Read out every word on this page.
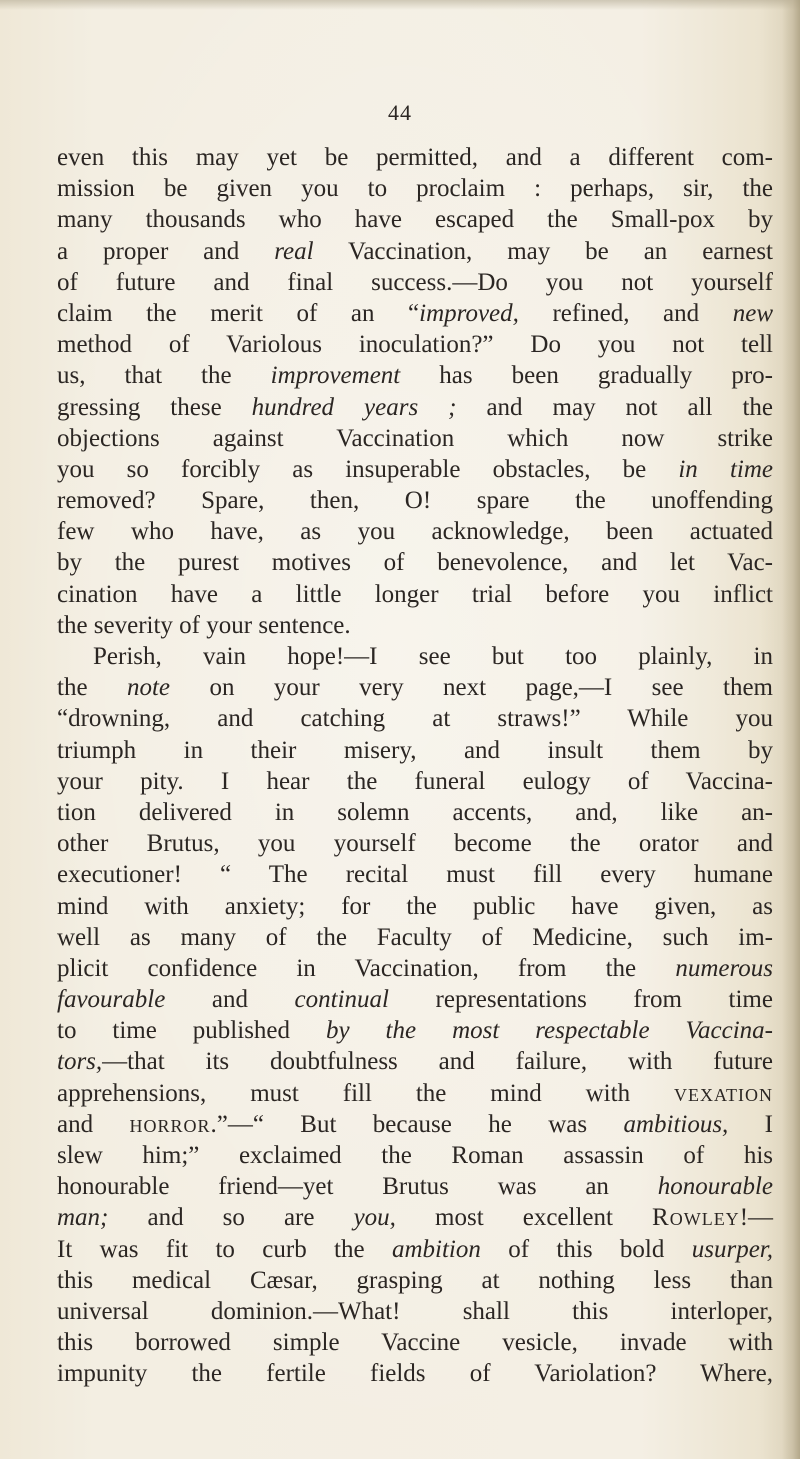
44
even this may yet be permitted, and a different com-
mission be given you to proclaim : perhaps, sir, the
many thousands who have escaped the Small-pox by
a proper and real Vaccination, may be an earnest
of future and final success.—Do you not yourself
claim the merit of an “improved, refined, and new
method of Variolous inoculation?” Do you not tell
us, that the improvement has been gradually pro-
gressing these hundred years ; and may not all the
objections against Vaccination which now strike
you so forcibly as insuperable obstacles, be in time
removed? Spare, then, O! spare the unoffending
few who have, as you acknowledge, been actuated
by the purest motives of benevolence, and let Vac-
cination have a little longer trial before you inflict
the severity of your sentence.
Perish, vain hope!—I see but too plainly, in
the note on your very next page,—I see them
“drowning, and catching at straws!” While you
triumph in their misery, and insult them by
your pity. I hear the funeral eulogy of Vaccina-
tion delivered in solemn accents, and, like an-
other Brutus, you yourself become the orator and
executioner! “ The recital must fill every humane
mind with anxiety; for the public have given, as
well as many of the Faculty of Medicine, such im-
plicit confidence in Vaccination, from the numerous
favourable and continual representations from time
to time published by the most respectable Vaccina-
tors,—that its doubtfulness and failure, with future
apprehensions, must fill the mind with vexation
and horror.”—“ But because he was ambitious, I
slew him;” exclaimed the Roman assassin of his
honourable friend—yet Brutus was an honourable
man; and so are you, most excellent Rowley!—
It was fit to curb the ambition of this bold usurper,
this medical Cæsar, grasping at nothing less than
universal dominion.—What! shall this interloper,
this borrowed simple Vaccine vesicle, invade with
impunity the fertile fields of Variolation? Where,
